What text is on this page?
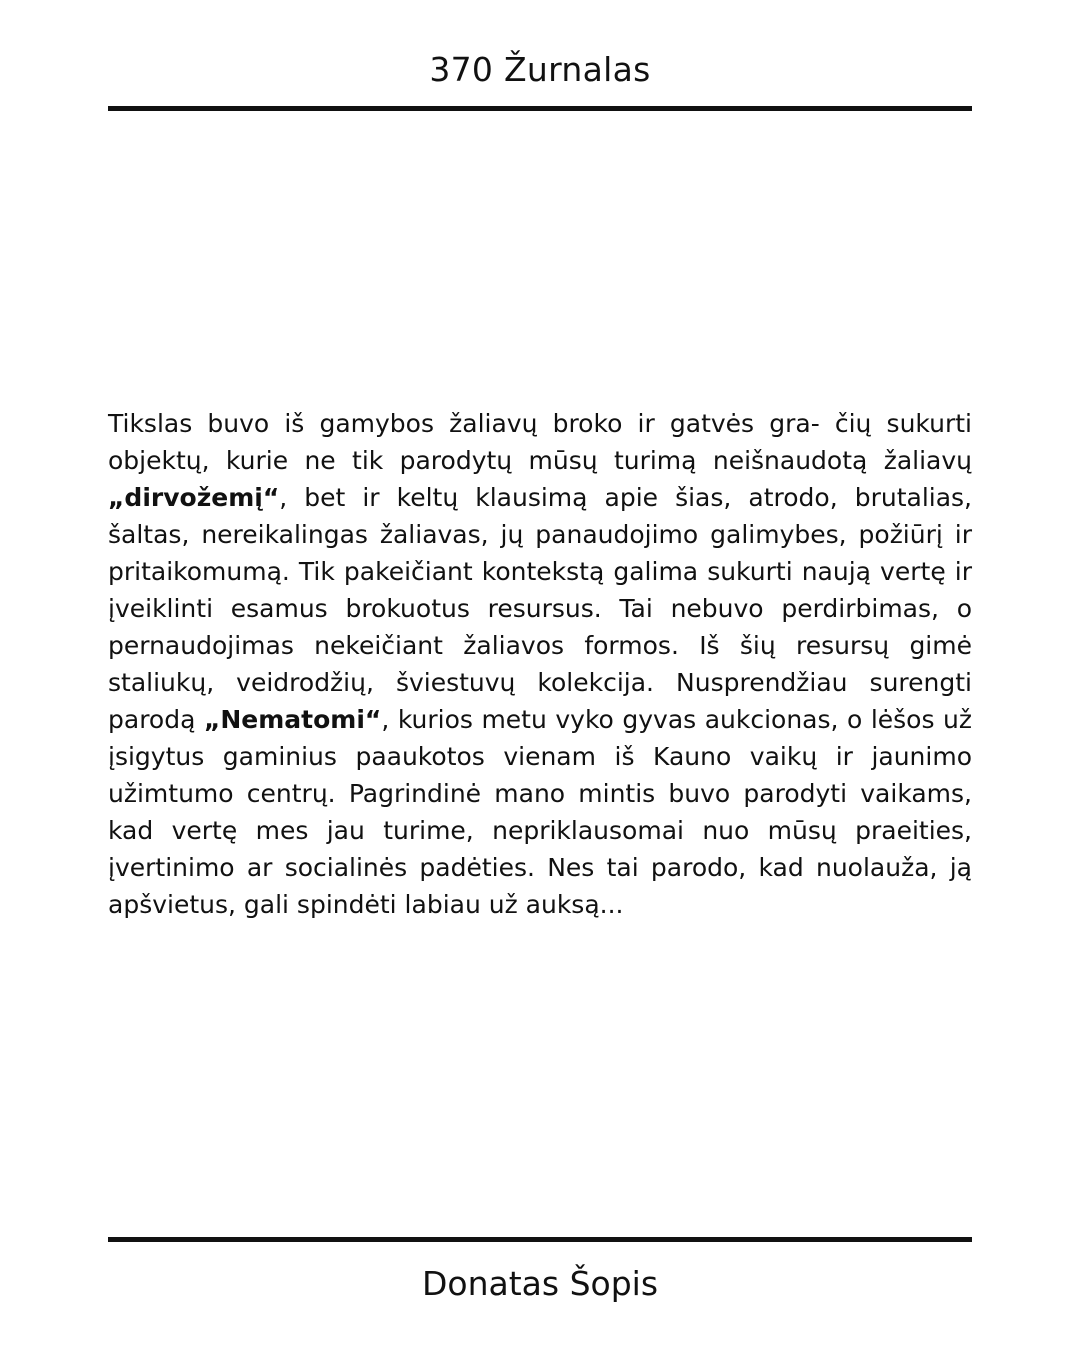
370 Žurnalas

Tikslas buvo iš gamybos žaliavų broko ir gatvės gra- čių sukurti objektų, kurie ne tik parodytų mūsų turimą neišnaudotą žaliavų „dirvožemį“, bet ir keltų klausimą apie šias, atrodo, brutalias, šaltas, nereikalingas žaliavas, jų panaudojimo galimybes, požiūrį ir pritaikomumą. Tik pakeičiant kontekstą galima sukurti naują vertę ir įveiklinti esamus brokuotus resursus. Tai nebuvo perdirbimas, o pernaudojimas nekeičiant žaliavos formos. Iš šių resursų gimė staliukų, veidrodžių, šviestuvų kolekcija. Nusprendžiau surengti parodą „Nematomi“, kurios metu vyko gyvas aukcionas, o lėšos už įsigytus gaminius paaukotos vienam iš Kauno vaikų ir jaunimo užimtumo centrų. Pagrindinė mano mintis buvo parodyti vaikams, kad vertę mes jau turime, nepriklausomai nuo mūsų praeities, įvertinimo ar socialinės padėties. Nes tai parodo, kad nuolauža, ją apšvietus, gali spindėti labiau už auksą...

Donatas Šopis
